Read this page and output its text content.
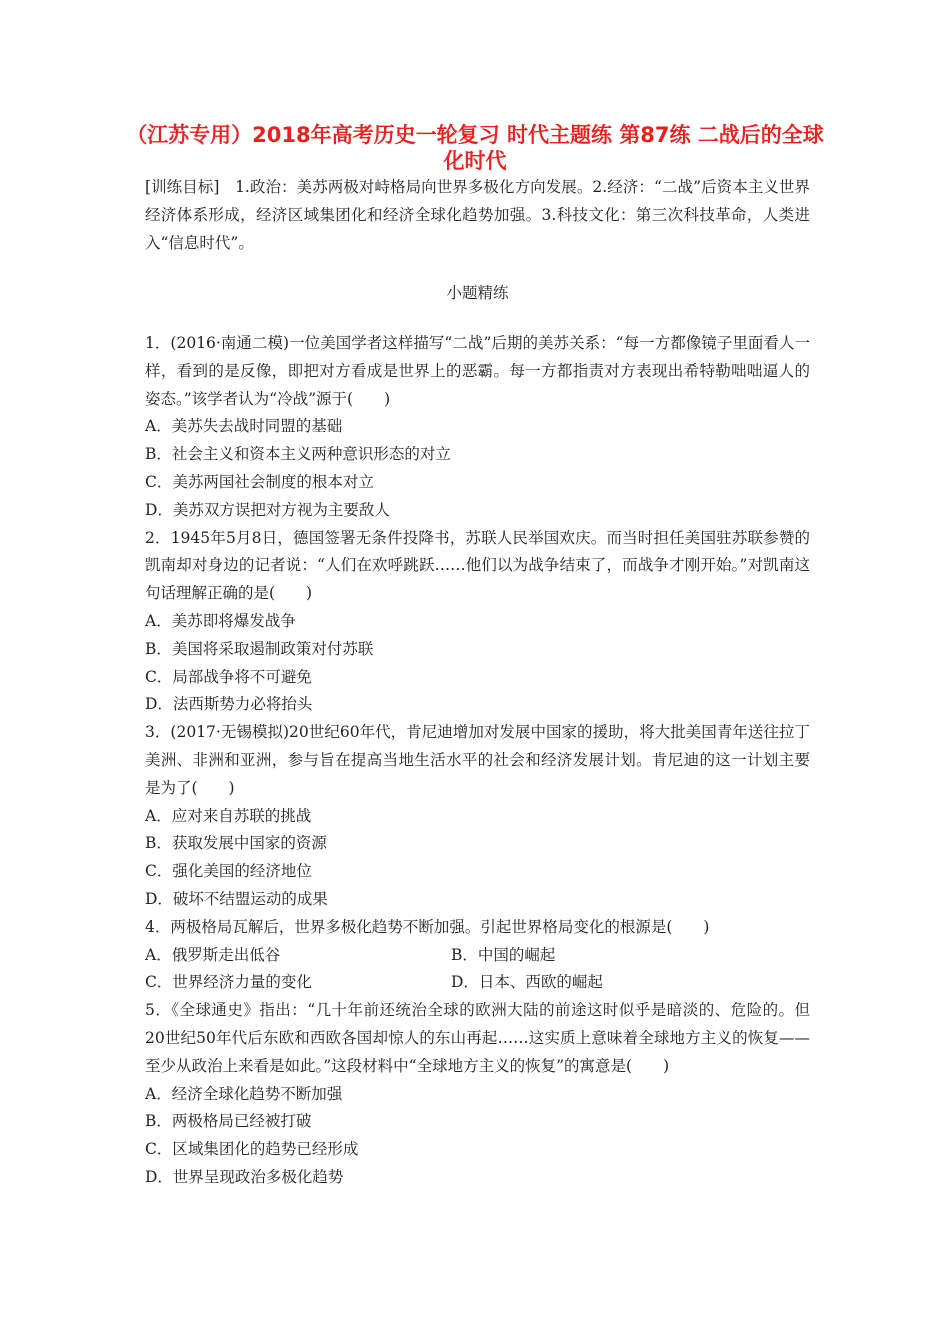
（江苏专用）2018年高考历史一轮复习 时代主题练 第87练 二战后的全球化时代

[训练目标]　1.政治：美苏两极对峙格局向世界多极化方向发展。2.经济：“二战”后资本主义世界经济体系形成，经济区域集团化和经济全球化趋势加强。3.科技文化：第三次科技革命，人类进入“信息时代”。

小题精练

1．(2016·南通二模)一位美国学者这样描写“二战”后期的美苏关系：“每一方都像镜子里面看人一样，看到的是反像，即把对方看成是世界上的恶霸。每一方都指责对方表现出希特勒咄咄逼人的姿态。”该学者认为“冷战”源于(　　)

A．美苏失去战时同盟的基础

B．社会主义和资本主义两种意识形态的对立

C．美苏两国社会制度的根本对立

D．美苏双方误把对方视为主要敌人

2．1945年5月8日，德国签署无条件投降书，苏联人民举国欢庆。而当时担任美国驻苏联参赞的凯南却对身边的记者说：“人们在欢呼跳跃……他们以为战争结束了，而战争才刚开始。”对凯南这句话理解正确的是(　　)

A．美苏即将爆发战争

B．美国将采取遏制政策对付苏联

C．局部战争将不可避免

D．法西斯势力必将抬头

3．(2017·无锡模拟)20世纪60年代，肯尼迪增加对发展中国家的援助，将大批美国青年送往拉丁美洲、非洲和亚洲，参与旨在提高当地生活水平的社会和经济发展计划。肯尼迪的这一计划主要是为了(　　)

A．应对来自苏联的挑战

B．获取发展中国家的资源

C．强化美国的经济地位

D．破坏不结盟运动的成果

4．两极格局瓦解后，世界多极化趋势不断加强。引起世界格局变化的根源是(　　)

A．俄罗斯走出低谷	B．中国的崛起

C．世界经济力量的变化	D．日本、西欧的崛起

5．《全球通史》指出：“几十年前还统治全球的欧洲大陆的前途这时似乎是暗淡的、危险的。但20世纪50年代后东欧和西欧各国却惊人的东山再起……这实质上意味着全球地方主义的恢复——至少从政治上来看是如此。”这段材料中“全球地方主义的恢复”的寓意是(　　)

A．经济全球化趋势不断加强

B．两极格局已经被打破

C．区域集团化的趋势已经形成

D．世界呈现政治多极化趋势
